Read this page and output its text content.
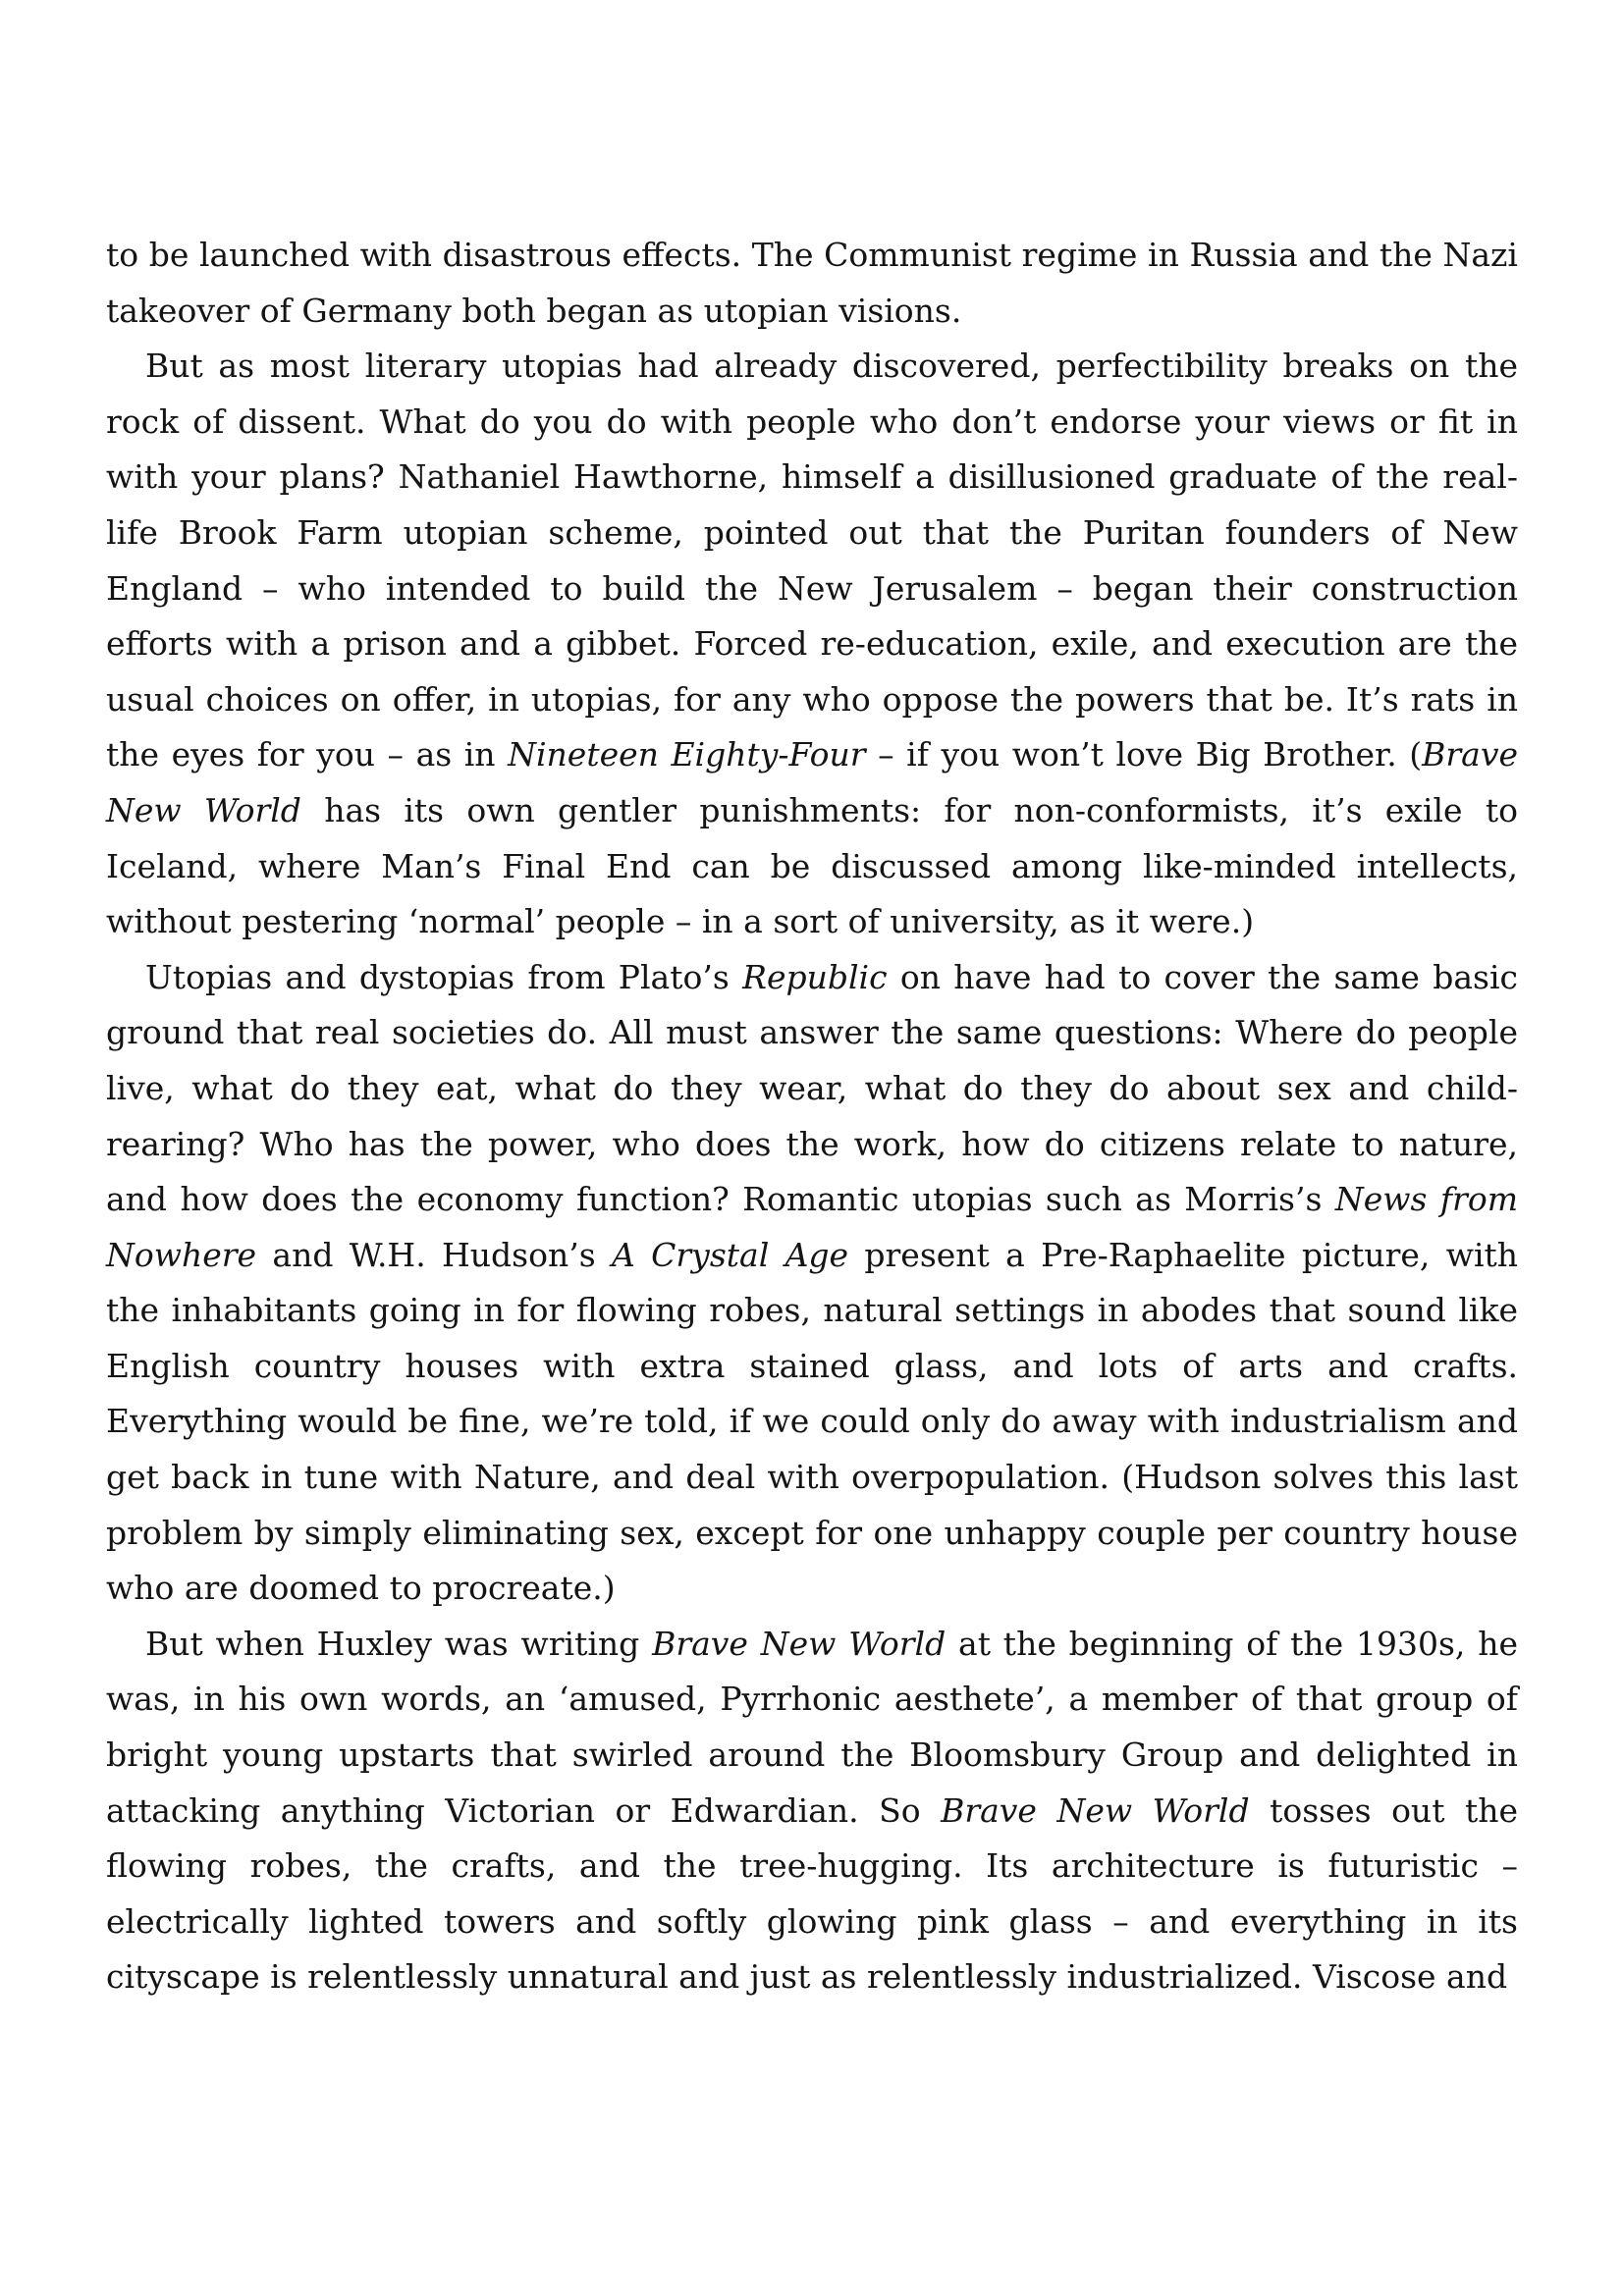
to be launched with disastrous effects. The Communist regime in Russia and the Nazi takeover of Germany both began as utopian visions.

But as most literary utopias had already discovered, perfectibility breaks on the rock of dissent. What do you do with people who don’t endorse your views or fit in with your plans? Nathaniel Hawthorne, himself a disillusioned graduate of the real-life Brook Farm utopian scheme, pointed out that the Puritan founders of New England – who intended to build the New Jerusalem – began their construction efforts with a prison and a gibbet. Forced re-education, exile, and execution are the usual choices on offer, in utopias, for any who oppose the powers that be. It’s rats in the eyes for you – as in Nineteen Eighty-Four – if you won’t love Big Brother. (Brave New World has its own gentler punishments: for non-conformists, it’s exile to Iceland, where Man’s Final End can be discussed among like-minded intellects, without pestering ‘normal’ people – in a sort of university, as it were.)

Utopias and dystopias from Plato’s Republic on have had to cover the same basic ground that real societies do. All must answer the same questions: Where do people live, what do they eat, what do they wear, what do they do about sex and child-rearing? Who has the power, who does the work, how do citizens relate to nature, and how does the economy function? Romantic utopias such as Morris’s News from Nowhere and W.H. Hudson’s A Crystal Age present a Pre-Raphaelite picture, with the inhabitants going in for flowing robes, natural settings in abodes that sound like English country houses with extra stained glass, and lots of arts and crafts. Everything would be fine, we’re told, if we could only do away with industrialism and get back in tune with Nature, and deal with overpopulation. (Hudson solves this last problem by simply eliminating sex, except for one unhappy couple per country house who are doomed to procreate.)

But when Huxley was writing Brave New World at the beginning of the 1930s, he was, in his own words, an ‘amused, Pyrrhonic aesthete’, a member of that group of bright young upstarts that swirled around the Bloomsbury Group and delighted in attacking anything Victorian or Edwardian. So Brave New World tosses out the flowing robes, the crafts, and the tree-hugging. Its architecture is futuristic – electrically lighted towers and softly glowing pink glass – and everything in its cityscape is relentlessly unnatural and just as relentlessly industrialized. Viscose and
